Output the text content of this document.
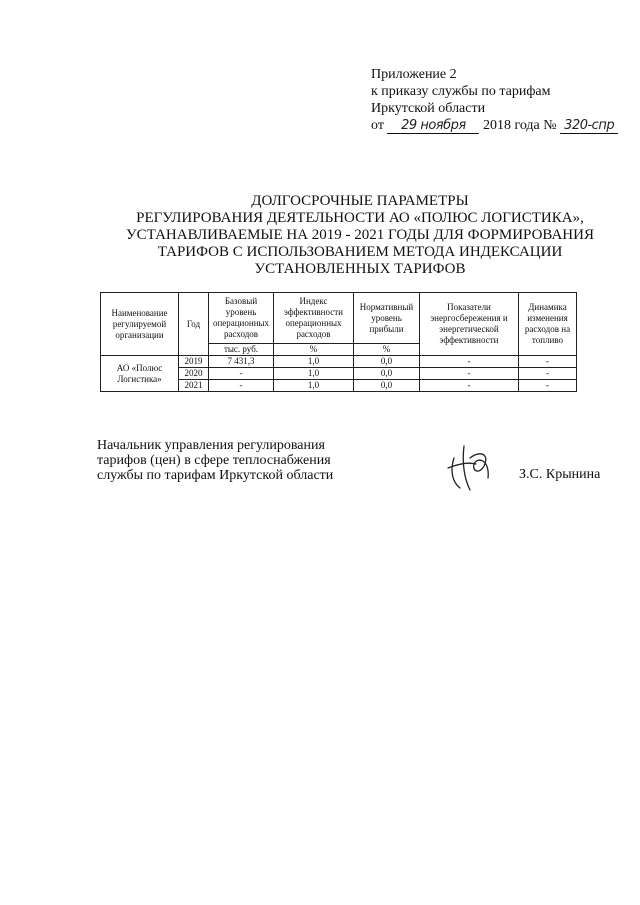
Приложение 2
к приказу службы по тарифам
Иркутской области
от 29 ноября 2018 года № 320-спр
ДОЛГОСРОЧНЫЕ ПАРАМЕТРЫ
РЕГУЛИРОВАНИЯ ДЕЯТЕЛЬНОСТИ АО «ПОЛЮС ЛОГИСТИКА»,
УСТАНАВЛИВАЕМЫЕ НА 2019 - 2021 ГОДЫ ДЛЯ ФОРМИРОВАНИЯ
ТАРИФОВ С ИСПОЛЬЗОВАНИЕМ МЕТОДА ИНДЕКСАЦИИ
УСТАНОВЛЕННЫХ ТАРИФОВ
Наименование регулируемой организации	Год	Базовый уровень операционных расходов	Индекс эффективности операционных расходов	Нормативный уровень прибыли	Показатели энергосбережения и энергетической эффективности	Динамика изменения расходов на топливо
		тыс. руб.	%	%		
АО «Полюс Логистика»	2019	7 431,3	1,0	0,0	-	-
	2020	-	1,0	0,0	-	-
	2021	-	1,0	0,0	-	-
Начальник управления регулирования
тарифов (цен) в сфере теплоснабжения
службы по тарифам Иркутской области	З.С. Крынина
